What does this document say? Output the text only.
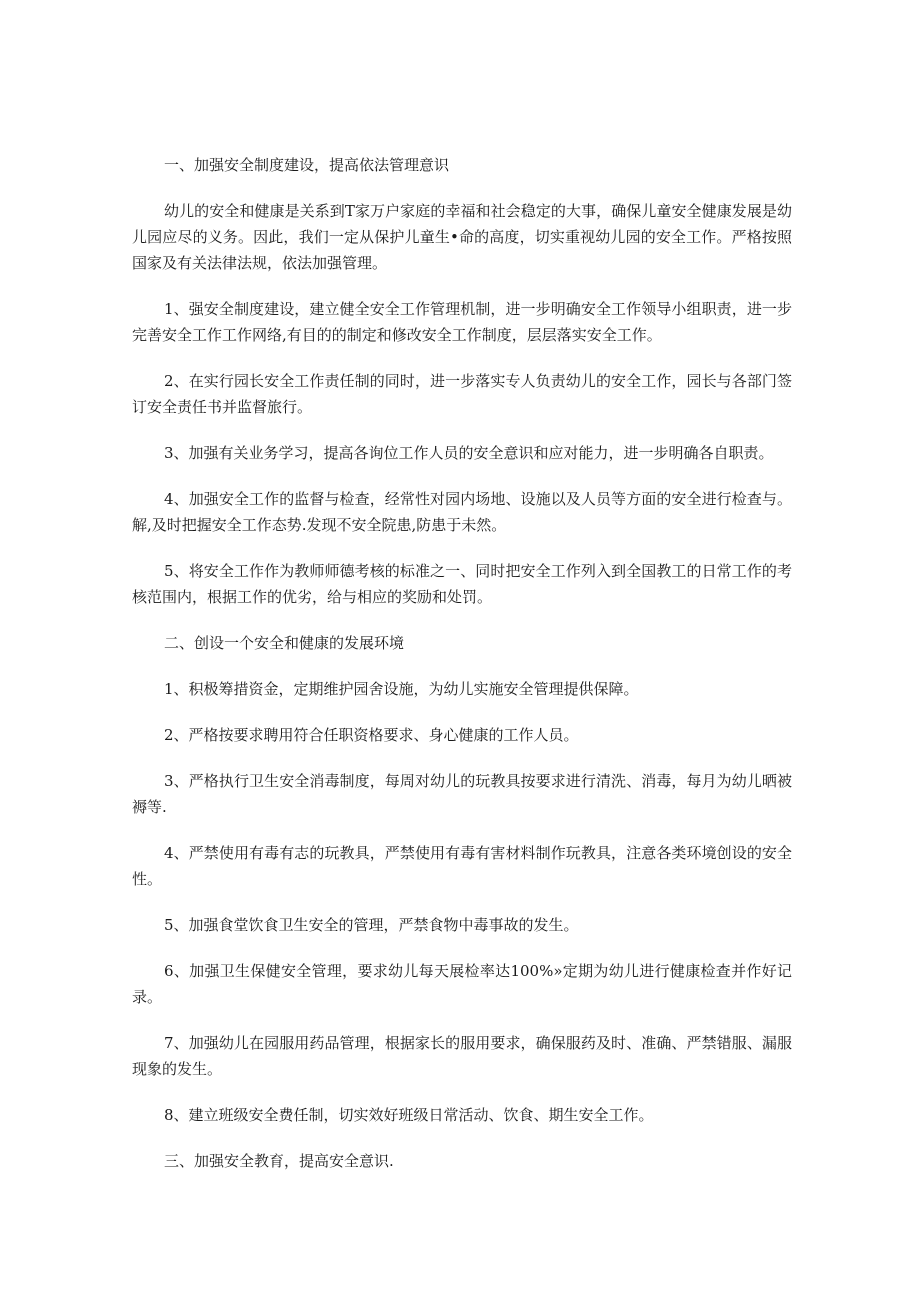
一、加强安全制度建设，提高依法管理意识

幼儿的安全和健康是关系到T家万户家庭的幸福和社会稳定的大事，确保儿童安全健康发展是幼儿园应尽的义务。因此，我们一定从保护儿童生•命的高度，切实重视幼儿园的安全工作。严格按照国家及有关法律法规，依法加强管理。

1、强安全制度建设，建立健全安全工作管理机制，进一步明确安全工作领导小组职责，进一步完善安全工作工作网络,有目的的制定和修改安全工作制度，层层落实安全工作。

2、在实行园长安全工作责任制的同时，进一步落实专人负责幼儿的安全工作，园长与各部门签订安全责任书并监督旅行。

3、加强有关业务学习，提高各询位工作人员的安全意识和应对能力，进一步明确各自职责。

4、加强安全工作的监督与检查，经常性对园内场地、设施以及人员等方面的安全进行检查与。解,及时把握安全工作态势.发现不安全院患,防患于未然。

5、将安全工作作为教师师德考核的标准之一、同时把安全工作列入到全国教工的日常工作的考核范围内，根据工作的优劣，给与相应的奖励和处罚。

二、创设一个安全和健康的发展环境

1、积极筹措资金，定期维护园舍设施，为幼儿实施安全管理提供保障。

2、严格按要求聘用符合任职资格要求、身心健康的工作人员。

3、严格执行卫生安全消毒制度，每周对幼儿的玩教具按要求进行清洗、消毒，每月为幼儿晒被褥等.

4、严禁使用有毒有志的玩教具，严禁使用有毒有害材料制作玩教具，注意各类环境创设的安全性。

5、加强食堂饮食卫生安全的管理，严禁食物中毒事故的发生。

6、加强卫生保健安全管理，要求幼儿每天展检率达100%»定期为幼儿进行健康检查并作好记录。

7、加强幼儿在园服用药品管理，根据家长的服用要求，确保服药及时、准确、严禁错服、漏服现象的发生。

8、建立班级安全费任制，切实效好班级日常活动、饮食、期生安全工作。

三、加强安全教育，提高安全意识.
